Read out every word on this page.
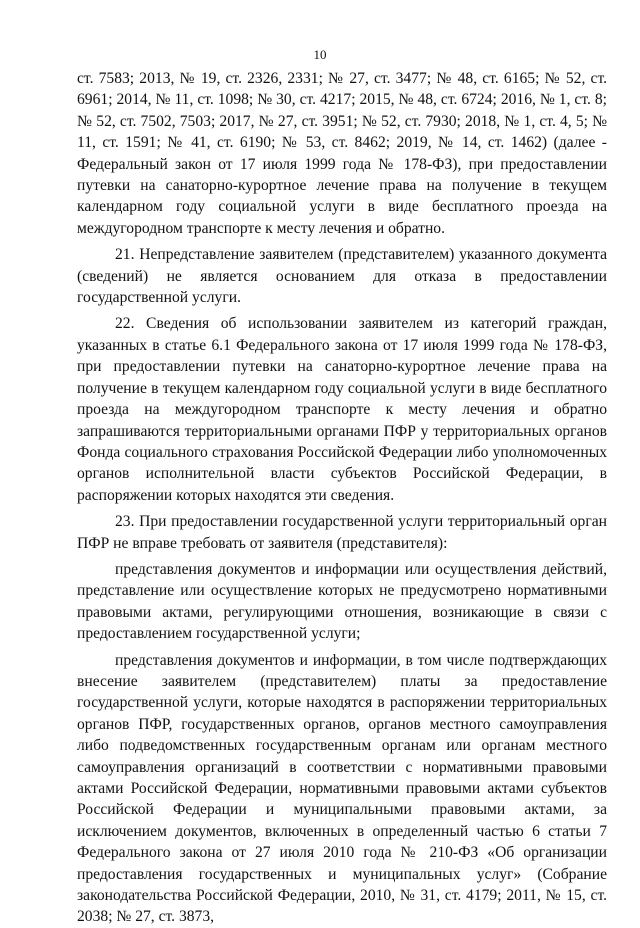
10

ст. 7583; 2013, № 19, ст. 2326, 2331; № 27, ст. 3477; № 48, ст. 6165; № 52, ст. 6961; 2014, № 11, ст. 1098; № 30, ст. 4217; 2015, № 48, ст. 6724; 2016, № 1, ст. 8; № 52, ст. 7502, 7503; 2017, № 27, ст. 3951; № 52, ст. 7930; 2018, № 1, ст. 4, 5; № 11, ст. 1591; № 41, ст. 6190; № 53, ст. 8462; 2019, № 14, ст. 1462) (далее - Федеральный закон от 17 июля 1999 года № 178-ФЗ), при предоставлении путевки на санаторно-курортное лечение права на получение в текущем календарном году социальной услуги в виде бесплатного проезда на междугородном транспорте к месту лечения и обратно.

21. Непредставление заявителем (представителем) указанного документа (сведений) не является основанием для отказа в предоставлении государственной услуги.

22. Сведения об использовании заявителем из категорий граждан, указанных в статье 6.1 Федерального закона от 17 июля 1999 года № 178-ФЗ, при предоставлении путевки на санаторно-курортное лечение права на получение в текущем календарном году социальной услуги в виде бесплатного проезда на междугородном транспорте к месту лечения и обратно запрашиваются территориальными органами ПФР у территориальных органов Фонда социального страхования Российской Федерации либо уполномоченных органов исполнительной власти субъектов Российской Федерации, в распоряжении которых находятся эти сведения.

23. При предоставлении государственной услуги территориальный орган ПФР не вправе требовать от заявителя (представителя):

представления документов и информации или осуществления действий, представление или осуществление которых не предусмотрено нормативными правовыми актами, регулирующими отношения, возникающие в связи с предоставлением государственной услуги;

представления документов и информации, в том числе подтверждающих внесение заявителем (представителем) платы за предоставление государственной услуги, которые находятся в распоряжении территориальных органов ПФР, государственных органов, органов местного самоуправления либо подведомственных государственным органам или органам местного самоуправления организаций в соответствии с нормативными правовыми актами Российской Федерации, нормативными правовыми актами субъектов Российской Федерации и муниципальными правовыми актами, за исключением документов, включенных в определенный частью 6 статьи 7 Федерального закона от 27 июля 2010 года № 210-ФЗ «Об организации предоставления государственных и муниципальных услуг» (Собрание законодательства Российской Федерации, 2010, № 31, ст. 4179; 2011, № 15, ст. 2038; № 27, ст. 3873,
